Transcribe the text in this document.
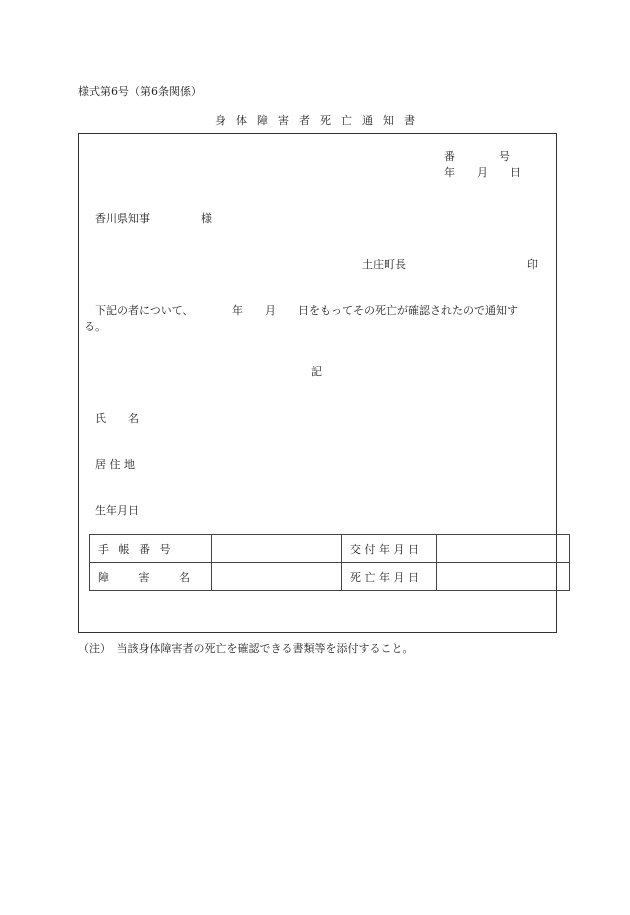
様式第6号（第6条関係）
身 体 障 害 者 死 亡 通 知 書
番　　　　号
年　　月　　日
香川県知事	様
土庄町長	印
下記の者について、　　　　年　　月　　日をもってその死亡が確認されたので通知す
る。
記
氏　　名
居 住 地
生年月日
手 帳 番 号		交 付 年 月 日	
障 害 名		死 亡 年 月 日	
（注）　当該身体障害者の死亡を確認できる書類等を添付すること。
